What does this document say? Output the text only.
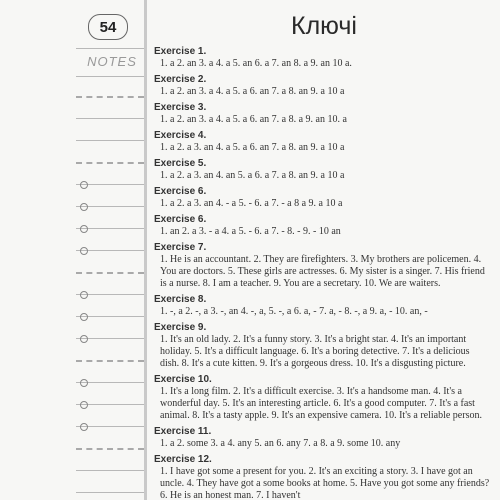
54
NOTES
Ключі
Exercise 1.
1. a 2. an 3. a 4. a 5. an 6. a 7. an 8. a 9. an 10 a.
Exercise 2.
1. a 2. an 3. a 4. a 5. a 6. an 7. a 8. an 9. a 10 a
Exercise 3.
1. a 2. an 3. a 4. a 5. a 6. an 7. a 8. a 9. an 10. a
Exercise 4.
1. a 2. a 3. an 4. a 5. a 6. an 7. a 8. an 9. a 10 a
Exercise 5.
1. a 2. a 3. an 4. an 5. a 6. a 7. a 8. an 9. a 10 a
Exercise 6.
1. a 2. a 3. an 4. - a 5. - 6. a 7. - a 8 a 9. a 10 a
Exercise 6.
1. an 2. a 3. - a 4. a 5. - 6. a 7. - 8. - 9. - 10 an
Exercise 7.
1. He is an accountant. 2. They are firefighters. 3. My brothers are policemen. 4. You are doctors. 5. These girls are actresses. 6. My sister is a singer. 7. His friend is a nurse. 8. I am a teacher. 9. You are a secretary. 10. We are waiters.
Exercise 8.
1. -, a 2. -, a 3. -, an 4. -, a, 5. -, a 6. a, - 7. a, - 8. -, a 9. a, - 10. an, -
Exercise 9.
1. It's an old lady. 2. It's a funny story. 3. It's a bright star. 4. It's an important holiday. 5. It's a difficult language. 6. It's a boring detective. 7. It's a delicious dish. 8. It's a cute kitten. 9. It's a gorgeous dress. 10. It's a disgusting picture.
Exercise 10.
1. It's a long film. 2. It's a difficult exercise. 3. It's a handsome man. 4. It's a wonderful day. 5. It's an interesting article. 6. It's a good computer. 7. It's a fast animal. 8. It's a tasty apple. 9. It's an expensive camera. 10. It's a reliable person.
Exercise 11.
1. a 2. some 3. a 4. any 5. an 6. any 7. a 8. a 9. some 10. any
Exercise 12.
1. I have got some a present for you. 2. It's an exciting a story. 3. I have got an uncle. 4. They have got a some books at home. 5. Have you got some any friends? 6. He is an honest man. 7. I haven't
